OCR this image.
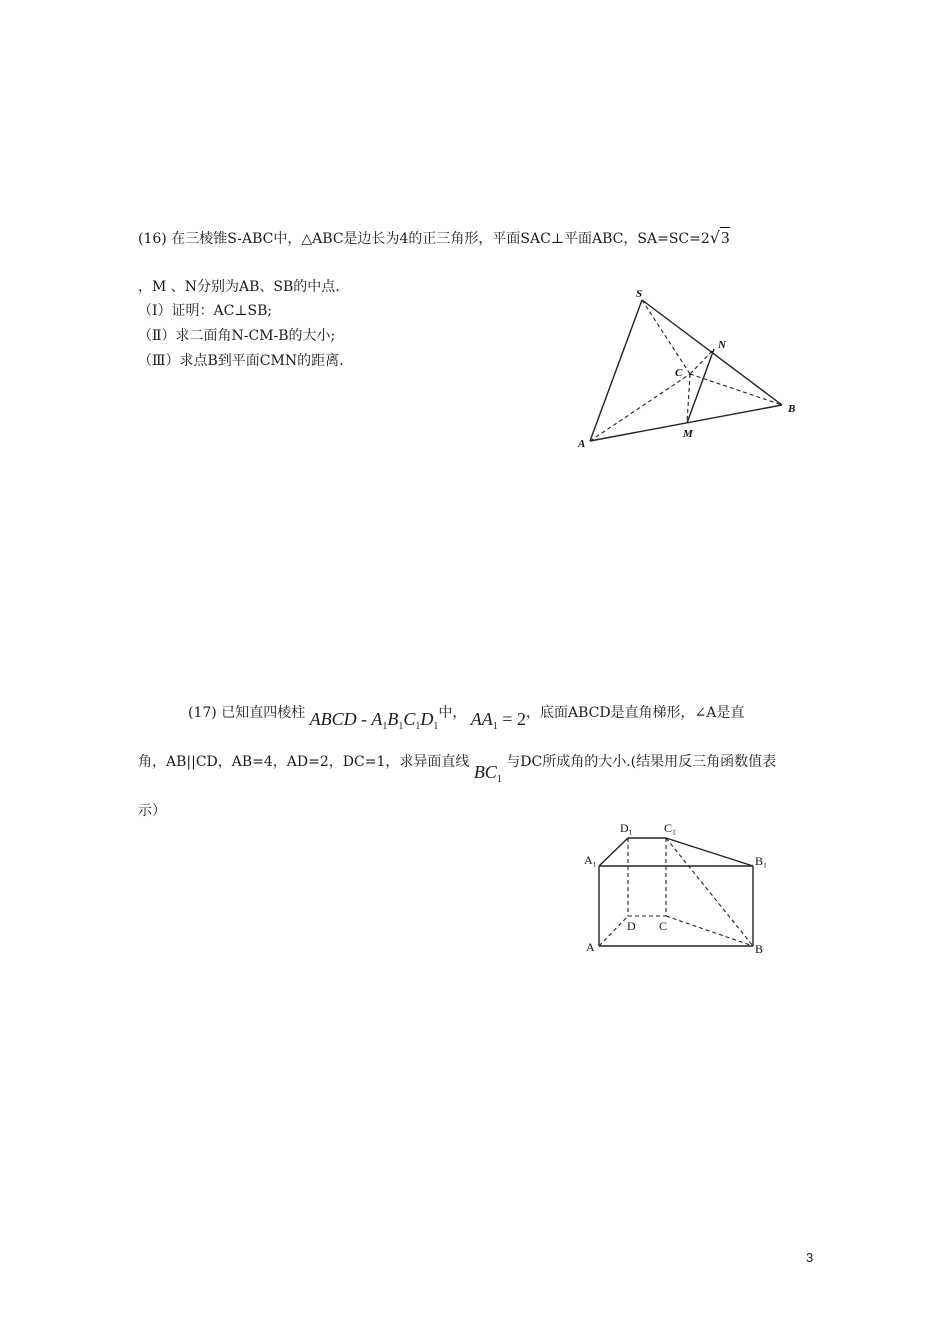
(16) 在三棱锥S-ABC中，△ABC是边长为4的正三角形，平面SAC⊥平面ABC，SA=SC=2√3
，M 、N分别为AB、SB的中点.
（Ⅰ）证明：AC⊥SB;
（Ⅱ）求二面角N-CM-B的大小;
（Ⅲ）求点B到平面CMN的距离.
S
C
N
B
M
A
(17) 已知直四棱柱 ABCD - $A_1B_1C_1D_1$中， $AA_1 = 2$，底面ABCD是直角梯形，∠A是直
角，AB||CD，AB=4，AD=2，DC=1，求异面直线 $BC_1$ 与DC所成角的大小.(结果用反三角函数值表
示）
D₁	C₁
A₁	B₁
D C
A	B
3
